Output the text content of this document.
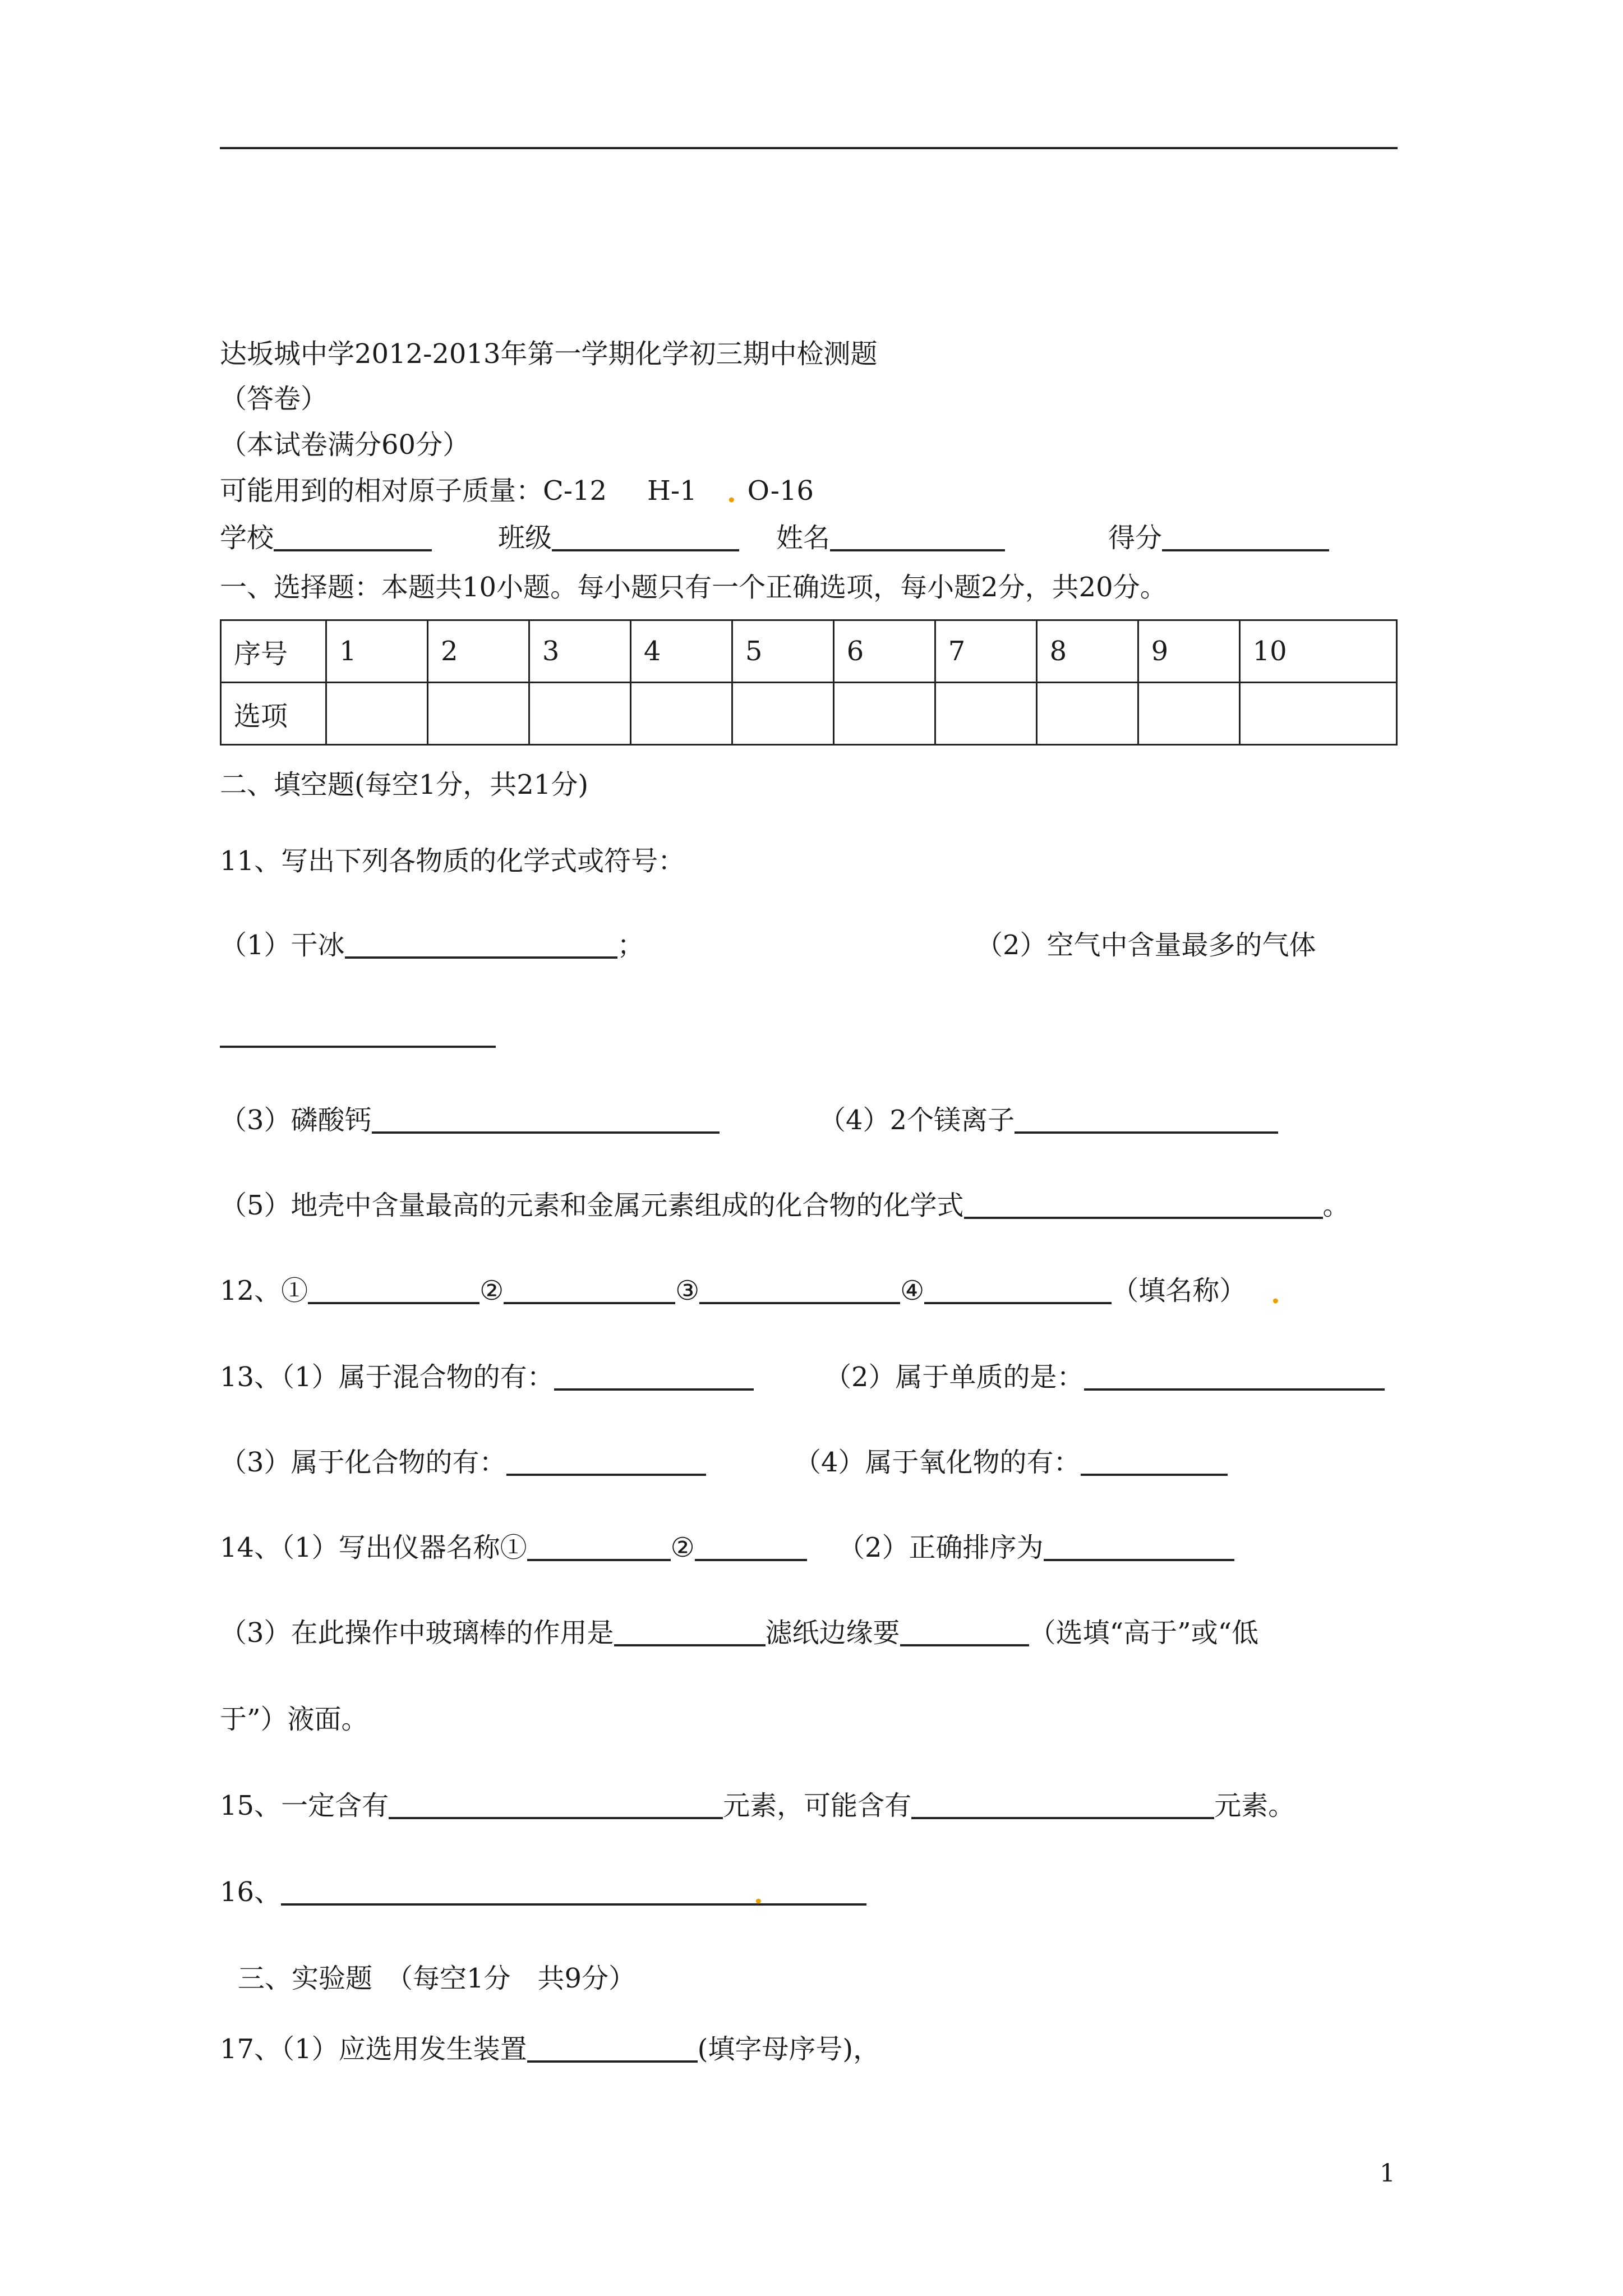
达坂城中学2012-2013年第一学期化学初三期中检测题
（答卷）
（本试卷满分60分）
可能用到的相对原子质量：C-12 H-1 O-16
.
学校	班级	姓名	得分
一、选择题：本题共10小题。每小题只有一个正确选项，每小题2分，共20分。
序号	1	2	3	4	5	6	7	8	9	10
选项										
二、填空题(每空1分，共21分)
11、写出下列各物质的化学式或符号：
（1）干冰	；	（2）空气中含量最多的气体
（3）磷酸钙	（4）2个镁离子
（5）地壳中含量最高的元素和金属元素组成的化合物的化学式	。
12、①	②	③	④	（填名称） .
13、（1）属于混合物的有：	（2）属于单质的是：
（3）属于化合物的有：	（4）属于氧化物的有：
14、（1）写出仪器名称①	②	（2）正确排序为
（3）在此操作中玻璃棒的作用是	滤纸边缘要	（选填“高于”或“低
于”）液面。
15、一定含有	元素，可能含有	元素。
16、	.
三、实验题　（每空1分　共9分）
17、（1）应选用发生装置	(填字母序号)，
1
